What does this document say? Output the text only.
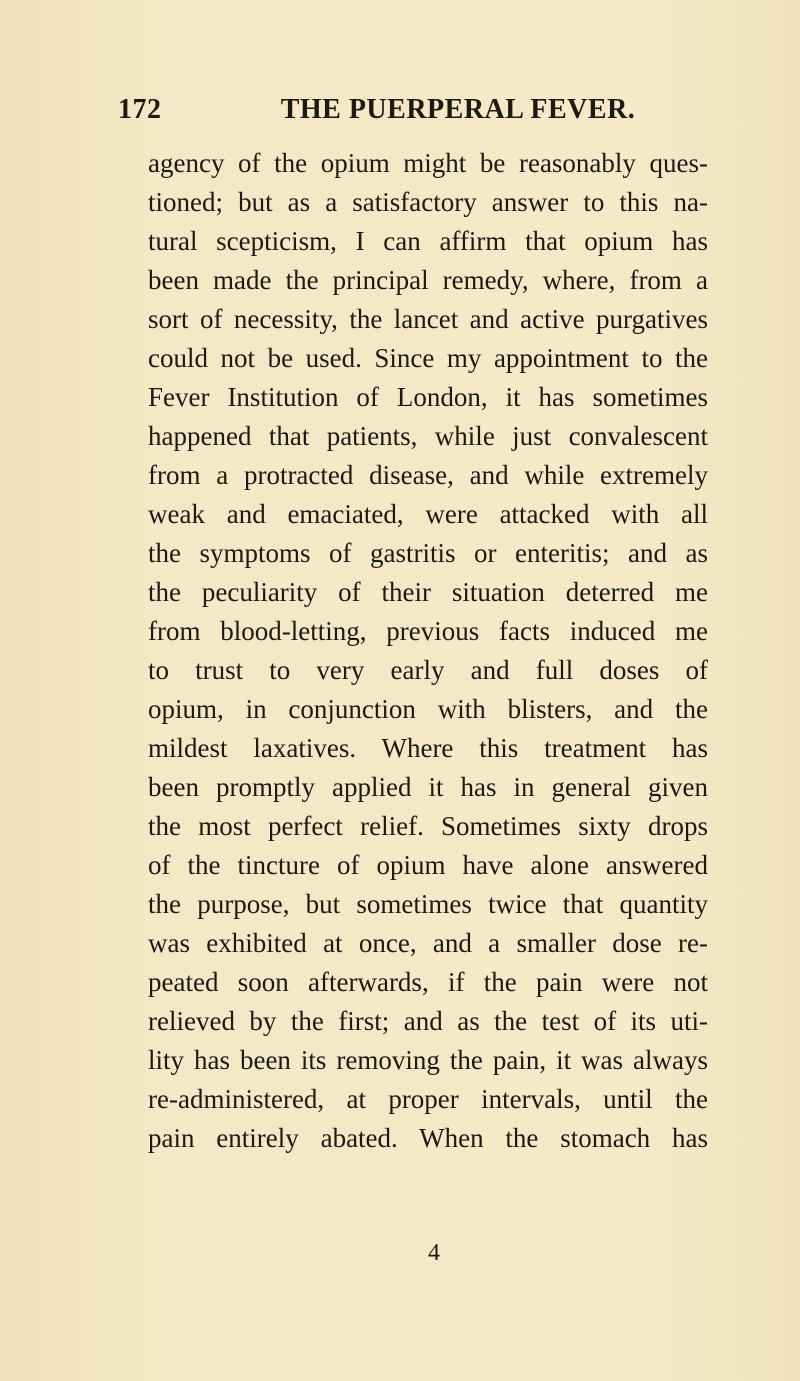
172	THE PUERPERAL FEVER.
agency of the opium might be reasonably ques-
tioned; but as a satisfactory answer to this na-
tural scepticism, I can affirm that opium has
been made the principal remedy, where, from a
sort of necessity, the lancet and active purgatives
could not be used. Since my appointment to the
Fever Institution of London, it has sometimes
happened that patients, while just convalescent
from a protracted disease, and while extremely
weak and emaciated, were attacked with all
the symptoms of gastritis or enteritis; and as
the peculiarity of their situation deterred me
from blood-letting, previous facts induced me
to trust to very early and full doses of
opium, in conjunction with blisters, and the
mildest laxatives. Where this treatment has
been promptly applied it has in general given
the most perfect relief. Sometimes sixty drops
of the tincture of opium have alone answered
the purpose, but sometimes twice that quantity
was exhibited at once, and a smaller dose re-
peated soon afterwards, if the pain were not
relieved by the first; and as the test of its uti-
lity has been its removing the pain, it was always
re-administered, at proper intervals, until the
pain entirely abated. When the stomach has
4
